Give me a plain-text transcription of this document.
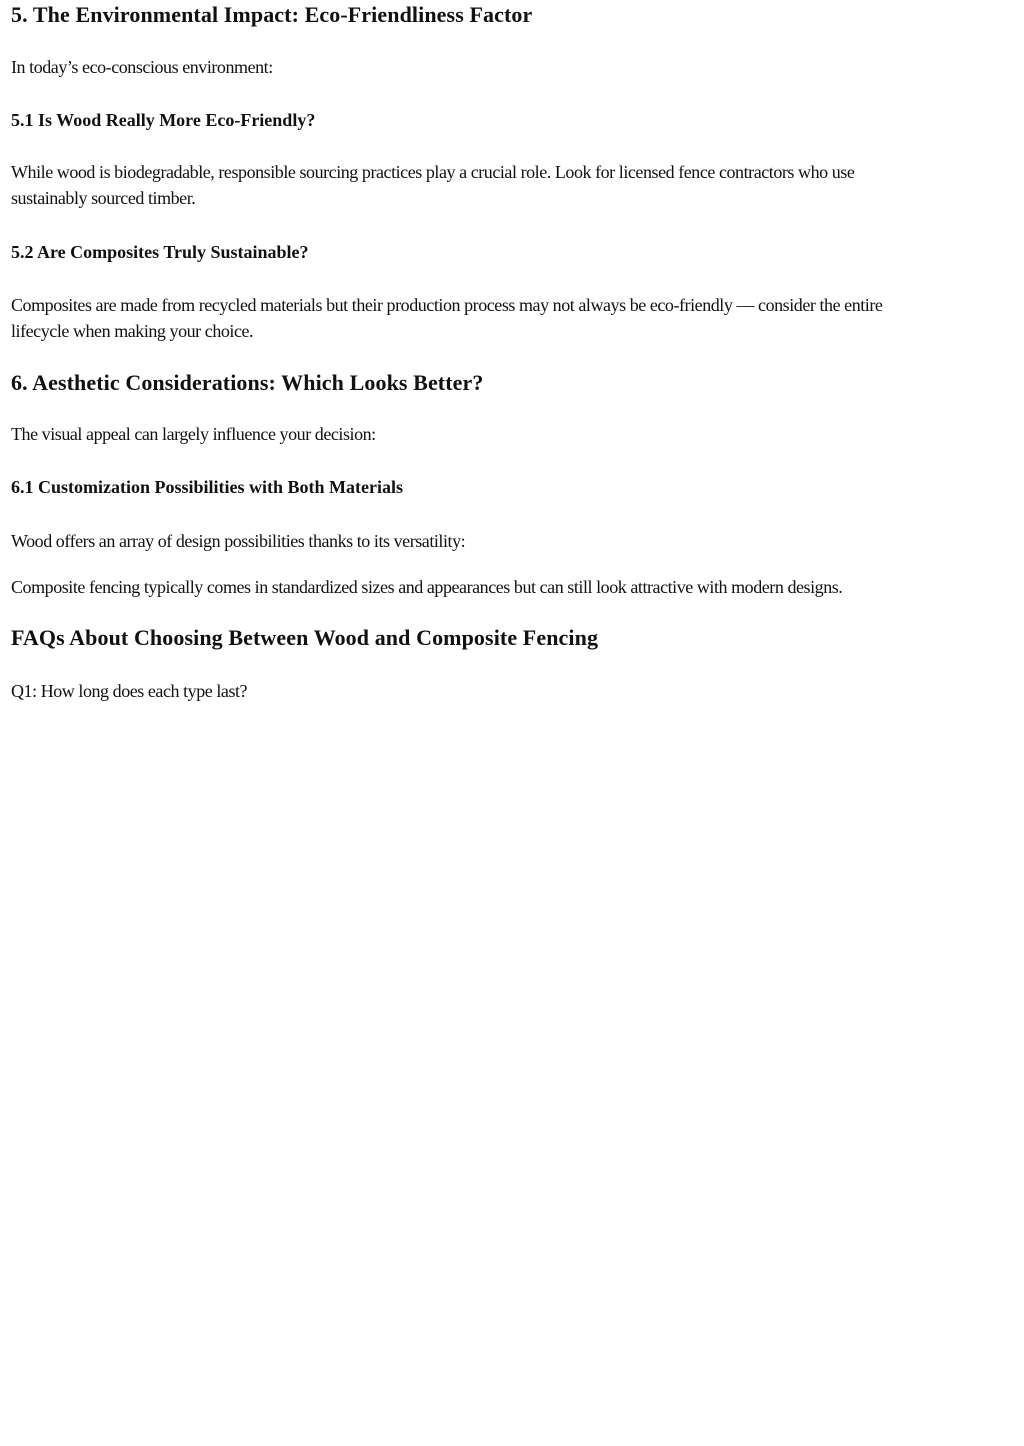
5. The Environmental Impact: Eco-Friendliness Factor

In today’s eco-conscious environment:

5.1 Is Wood Really More Eco-Friendly?

While wood is biodegradable, responsible sourcing practices play a crucial role. Look for licensed fence contractors who use

sustainably sourced timber.

5.2 Are Composites Truly Sustainable?

Composites are made from recycled materials but their production process may not always be eco-friendly — consider the entire

lifecycle when making your choice.

6. Aesthetic Considerations: Which Looks Better?

The visual appeal can largely influence your decision:

6.1 Customization Possibilities with Both Materials

Wood offers an array of design possibilities thanks to its versatility:

Composite fencing typically comes in standardized sizes and appearances but can still look attractive with modern designs.

FAQs About Choosing Between Wood and Composite Fencing

Q1: How long does each type last?
